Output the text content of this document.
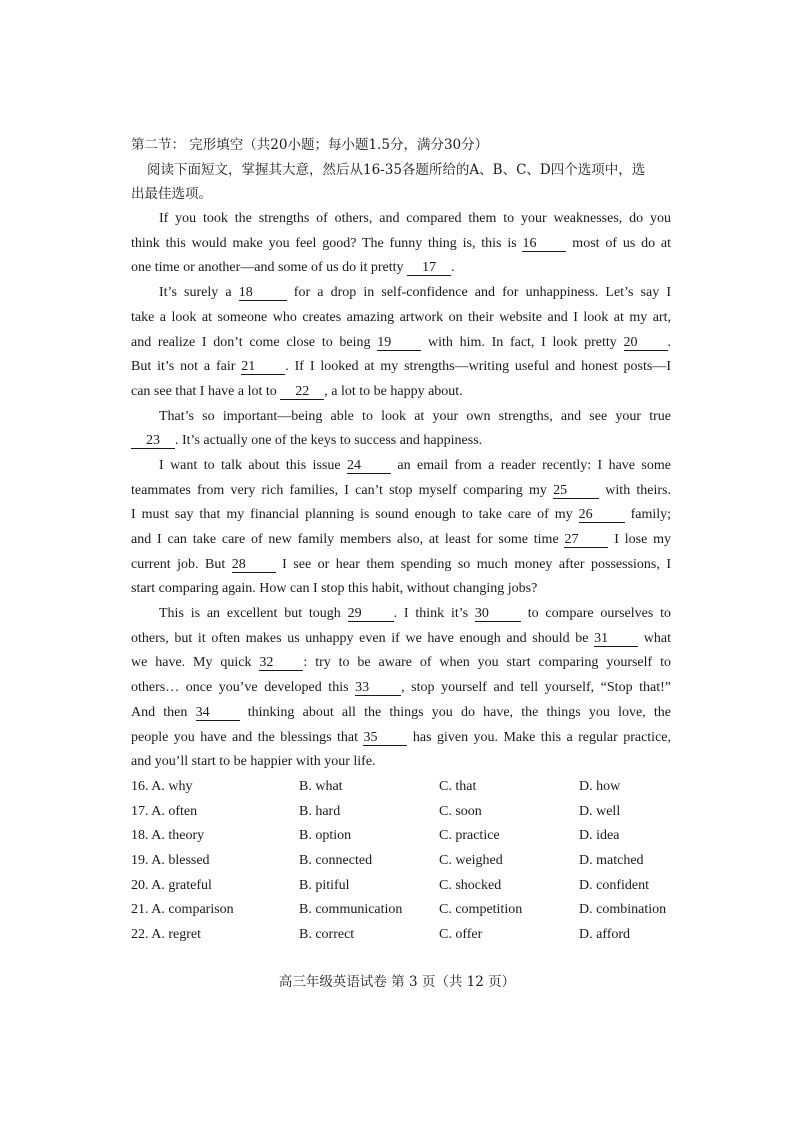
第二节： 完形填空（共20小题；每小题1.5分，满分30分）
阅读下面短文，掌握其大意，然后从16-35各题所给的A、B、C、D四个选项中，选
出最佳选项。
If you took the strengths of others, and compared them to your weaknesses, do you
think this would make you feel good? The funny thing is, this is 16 most of us do at
one time or another—and some of us do it pretty 17 .
It’s surely a 18 for a drop in self-confidence and for unhappiness. Let’s say I
take a look at someone who creates amazing artwork on their website and I look at my art,
and realize I don’t come close to being 19 with him. In fact, I look pretty 20 .
But it’s not a fair 21 . If I looked at my strengths—writing useful and honest posts—I
can see that I have a lot to 22 , a lot to be happy about.
That’s so important—being able to look at your own strengths, and see your true
23 . It’s actually one of the keys to success and happiness.
I want to talk about this issue 24 an email from a reader recently: I have some
teammates from very rich families, I can’t stop myself comparing my 25 with theirs.
I must say that my financial planning is sound enough to take care of my 26 family;
and I can take care of new family members also, at least for some time 27 I lose my
current job. But 28 I see or hear them spending so much money after possessions, I
start comparing again. How can I stop this habit, without changing jobs?
This is an excellent but tough 29 . I think it’s 30 to compare ourselves to
others, but it often makes us unhappy even if we have enough and should be 31 what
we have. My quick 32 : try to be aware of when you start comparing yourself to
others… once you’ve developed this 33 , stop yourself and tell yourself, “Stop that!”
And then 34 thinking about all the things you do have, the things you love, the
people you have and the blessings that 35 has given you. Make this a regular practice,
and you’ll start to be happier with your life.
16. A. why	B. what	C. that	D. how
17. A. often	B. hard	C. soon	D. well
18. A. theory	B. option	C. practice	D. idea
19. A. blessed	B. connected	C. weighed	D. matched
20. A. grateful	B. pitiful	C. shocked	D. confident
21. A. comparison	B. communication	C. competition	D. combination
22. A. regret	B. correct	C. offer	D. afford
高三年级英语试卷 第 3 页（共 12 页）
